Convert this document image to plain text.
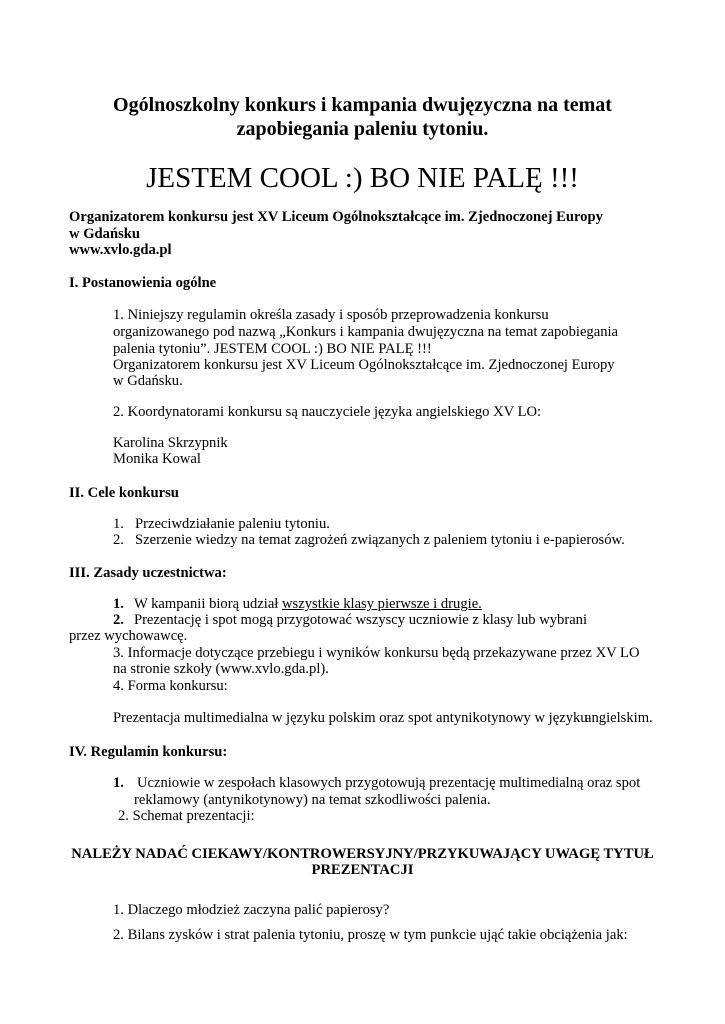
Ogólnoszkolny konkurs i kampania dwujęzyczna na temat

zapobiegania paleniu tytoniu.

JESTEM COOL :) BO NIE PALĘ !!!

Organizatorem konkursu jest XV Liceum Ogólnokształcące im. Zjednoczonej Europy

w Gdańsku

www.xvlo.gda.pl

I. Postanowienia ogólne

1. Niniejszy regulamin określa zasady i sposób przeprowadzenia konkursu

organizowanego pod nazwą „Konkurs i kampania dwujęzyczna na temat zapobiegania

palenia tytoniu”. JESTEM COOL :) BO NIE PALĘ !!!

Organizatorem konkursu jest XV Liceum Ogólnokształcące im. Zjednoczonej Europy

w Gdańsku.

2. Koordynatorami konkursu są nauczyciele języka angielskiego XV LO:

Karolina Skrzypnik

Monika Kowal

II. Cele konkursu

1. Przeciwdziałanie paleniu tytoniu.

2. Szerzenie wiedzy na temat zagrożeń związanych z paleniem tytoniu i e-papierosów.

III. Zasady uczestnictwa:

1. W kampanii biorą udział wszystkie klasy pierwsze i drugie.

2. Prezentację i spot mogą przygotować wszyscy uczniowie z klasy lub wybrani

przez wychowawcę.

3. Informacje dotyczące przebiegu i wyników konkursu będą przekazywane przez XV LO

na stronie szkoły (www.xvlo.gda.pl).

4. Forma konkursu:

Prezentacja multimedialna w języku polskim oraz spot antynikotynowy w języku

angielskim.

IV. Regulamin konkursu:

1. Uczniowie w zespołach klasowych przygotowują prezentację multimedialną oraz spot

reklamowy (antynikotynowy) na temat szkodliwości palenia.

2. Schemat prezentacji:

NALEŻY NADAĆ CIEKAWY/KONTROWERSYJNY/PRZYKUWAJĄCY UWAGĘ TYTUŁ

PREZENTACJI

1. Dlaczego młodzież zaczyna palić papierosy?

2. Bilans zysków i strat palenia tytoniu, proszę w tym punkcie ująć takie obciążenia jak:
